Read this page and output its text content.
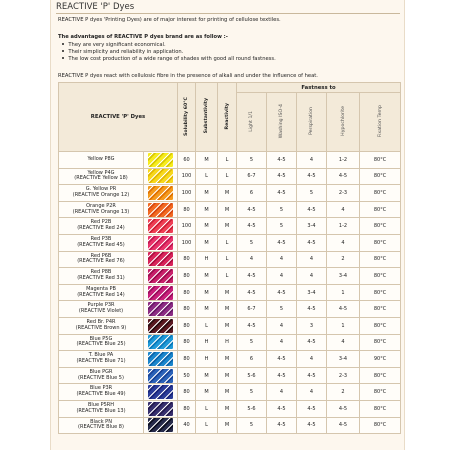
REACTIVE 'P' Dyes
REACTIVE P dyes 'Printing Dyes) are of major interest for printing of cellulose textiles.
The advantages of REACTIVE P dyes brand are as follow :-
They are very significant economical.
Their simplicity and reliability in application.
The low cost production of a wide range of shades with good all round fastness.
REACTIVE P dyes react with cellulosic fibre in the presence of alkali and under the influence of heat.
REACTIVE 'P' Dyes		Solubility 60°C	Substantivity	Reactivity	Fastness to				
					Light 1/1	Washing ISO-4	Perspiration	Hypochlorite	Fixation Temp

Yellow P8G		60	M	L	5	4-5	4	1-2	80°C

Yellow P4G
(REACTIVE Yellow 18)		100	L	L	6-7	4-5	4-5	4-5	80°C

G. Yellow PR
(REACTIVE Orange 12)		100	M	M	6	4-5	5	2-3	80°C

Orange P2R
(REACTIVE Orange 13)		80	M	M	4-5	5	4-5	4	80°C

Red P2B
(REACTIVE Red 24)		100	M	M	4-5	5	3-4	1-2	80°C

Red P3B
(REACTIVE Red 45)		100	M	L	5	4-5	4-5	4	80°C

Red P6B
(REACTIVE Red 76)		80	H	L	4	4	4	2	80°C

Red P8B
(REACTIVE Red 31)		80	M	L	4-5	4	4	3-4	80°C

Magenta PB
(REACTIVE Red 14)		80	M	M	4-5	4-5	3-4	1	80°C

Purple P3R
(REACTIVE Violet)		80	M	M	6-7	5	4-5	4-5	80°C

Red Br. P4R
(REACTIVE Brown 9)		80	L	M	4-5	4	3	1	80°C

Blue P5G
(REACTIVE Blue 25)		80	H	H	5	4	4-5	4	80°C

T. Blue PA
(REACTIVE Blue 71)		80	H	M	6	4-5	4	3-4	90°C

Blue PGR
(REACTIVE Blue 5)		50	M	M	5-6	4-5	4-5	2-3	80°C

Blue P3R
(REACTIVE Blue 49)		80	M	M	5	4	4	2	80°C

Blue P5RH
(REACTIVE Blue 13)		80	L	M	5-6	4-5	4-5	4-5	80°C

Black PN
(REACTIVE Blue 8)		40	L	M	5	4-5	4-5	4-5	80°C
